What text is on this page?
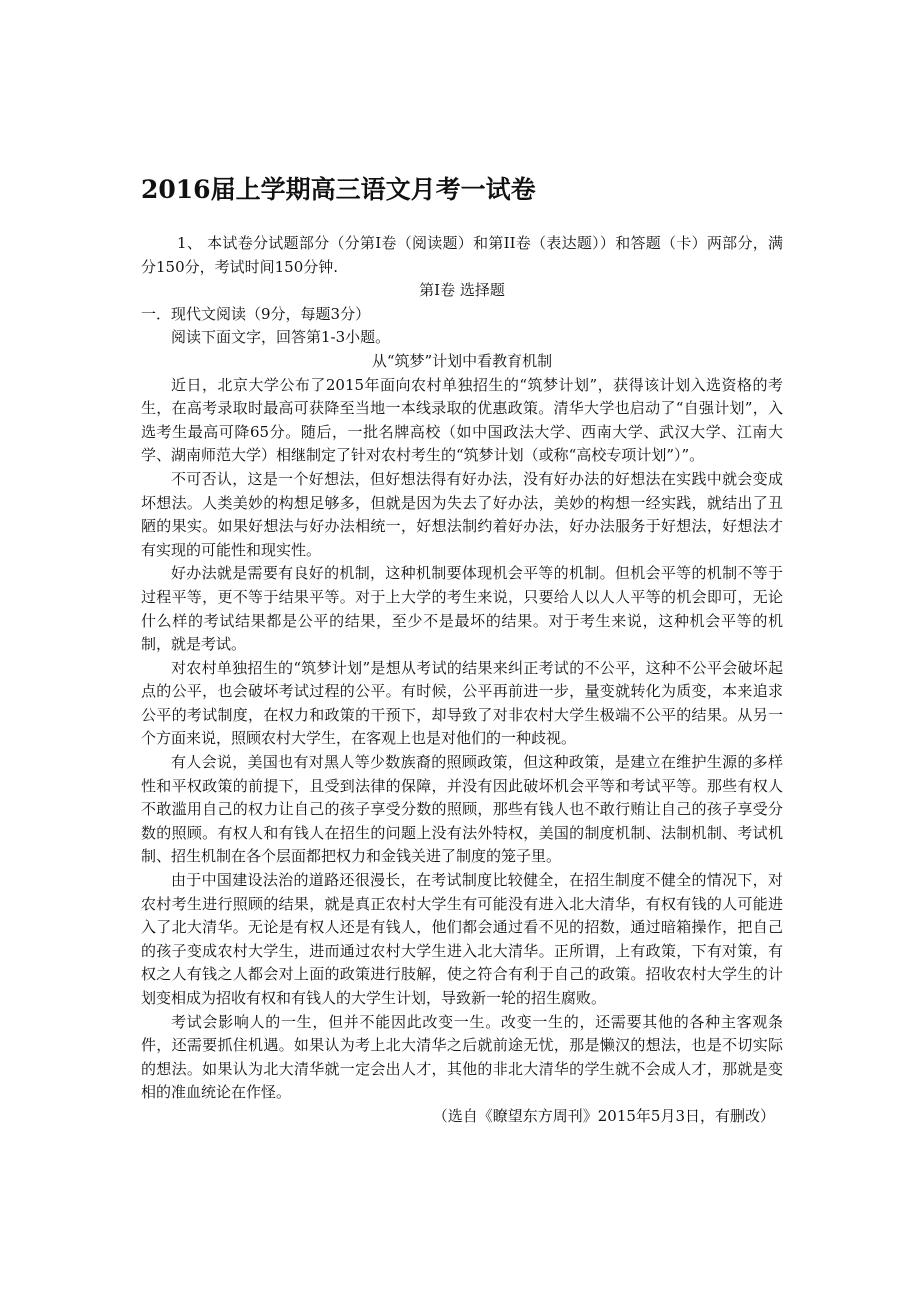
2016届上学期高三语文月考一试卷

1、 本试卷分试题部分（分第Ⅰ卷（阅读题）和第II卷（表达题））和答题（卡）两部分，满分150分，考试时间150分钟.

第Ⅰ卷 选择题

一．现代文阅读（9分，每题3分）

阅读下面文字，回答第1-3小题。

从“筑梦”计划中看教育机制

近日，北京大学公布了2015年面向农村单独招生的“筑梦计划”，获得该计划入选资格的考生，在高考录取时最高可获降至当地一本线录取的优惠政策。清华大学也启动了“自强计划”，入选考生最高可降65分。随后，一批名牌高校（如中国政法大学、西南大学、武汉大学、江南大学、湖南师范大学）相继制定了针对农村考生的“筑梦计划（或称“高校专项计划”）”。

不可否认，这是一个好想法，但好想法得有好办法，没有好办法的好想法在实践中就会变成坏想法。人类美妙的构想足够多，但就是因为失去了好办法，美妙的构想一经实践，就结出了丑陋的果实。如果好想法与好办法相统一，好想法制约着好办法，好办法服务于好想法，好想法才有实现的可能性和现实性。

好办法就是需要有良好的机制，这种机制要体现机会平等的机制。但机会平等的机制不等于过程平等，更不等于结果平等。对于上大学的考生来说，只要给人以人人平等的机会即可，无论什么样的考试结果都是公平的结果，至少不是最坏的结果。对于考生来说，这种机会平等的机制，就是考试。

对农村单独招生的“筑梦计划”是想从考试的结果来纠正考试的不公平，这种不公平会破坏起点的公平，也会破坏考试过程的公平。有时候，公平再前进一步，量变就转化为质变，本来追求公平的考试制度，在权力和政策的干预下，却导致了对非农村大学生极端不公平的结果。从另一个方面来说，照顾农村大学生，在客观上也是对他们的一种歧视。

有人会说，美国也有对黑人等少数族裔的照顾政策，但这种政策，是建立在维护生源的多样性和平权政策的前提下，且受到法律的保障，并没有因此破坏机会平等和考试平等。那些有权人不敢滥用自己的权力让自己的孩子享受分数的照顾，那些有钱人也不敢行贿让自己的孩子享受分数的照顾。有权人和有钱人在招生的问题上没有法外特权，美国的制度机制、法制机制、考试机制、招生机制在各个层面都把权力和金钱关进了制度的笼子里。

由于中国建设法治的道路还很漫长，在考试制度比较健全，在招生制度不健全的情况下，对农村考生进行照顾的结果，就是真正农村大学生有可能没有进入北大清华，有权有钱的人可能进入了北大清华。无论是有权人还是有钱人，他们都会通过看不见的招数，通过暗箱操作，把自己的孩子变成农村大学生，进而通过农村大学生进入北大清华。正所谓，上有政策，下有对策，有权之人有钱之人都会对上面的政策进行肢解，使之符合有利于自己的政策。招收农村大学生的计划变相成为招收有权和有钱人的大学生计划，导致新一轮的招生腐败。

考试会影响人的一生，但并不能因此改变一生。改变一生的，还需要其他的各种主客观条件，还需要抓住机遇。如果认为考上北大清华之后就前途无忧，那是懒汉的想法，也是不切实际的想法。如果认为北大清华就一定会出人才，其他的非北大清华的学生就不会成人才，那就是变相的准血统论在作怪。

（选自《瞭望东方周刊》2015年5月3日，有删改）
